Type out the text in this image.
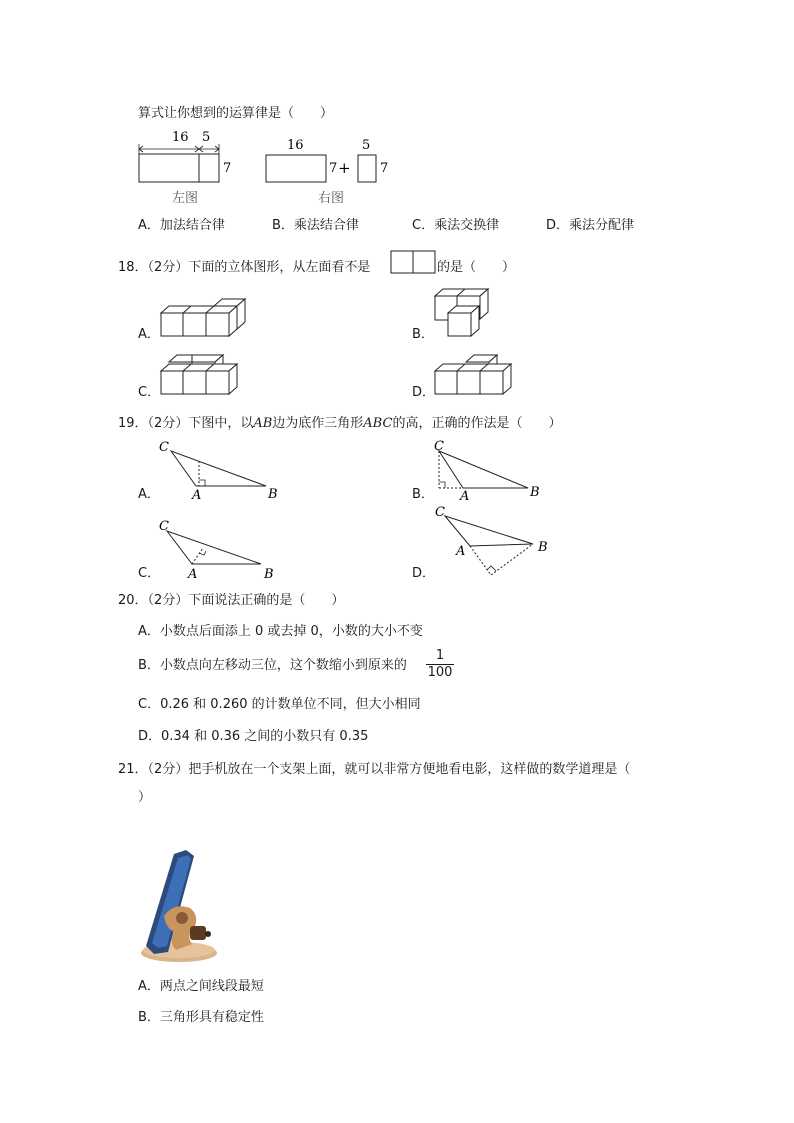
算式让你想到的运算律是（　　）
16 5
7
左图
16
7 +
5
7
右图
A．加法结合律	B．乘法结合律	C．乘法交换律	D．乘法分配律
18．（2分）下面的立体图形，从左面看不是	的是（　　）
A．	B．
C．	D．
19．（2分）下图中，以AB边为底作三角形ABC的高，正确的作法是（　　）
A．
C
A	B	B．
C
A	B
C．
C
A	B	D．
C
A	B
20．（2分）下面说法正确的是（　　）
A．小数点后面添上 0 或去掉 0，小数的大小不变
B．小数点向左移动三位，这个数缩小到原来的
1
100
C．0.26 和 0.260 的计数单位不同，但大小相同
D．0.34 和 0.36 之间的小数只有 0.35
21．（2分）把手机放在一个支架上面，就可以非常方便地看电影，这样做的数学道理是（
）
A．两点之间线段最短
B．三角形具有稳定性
